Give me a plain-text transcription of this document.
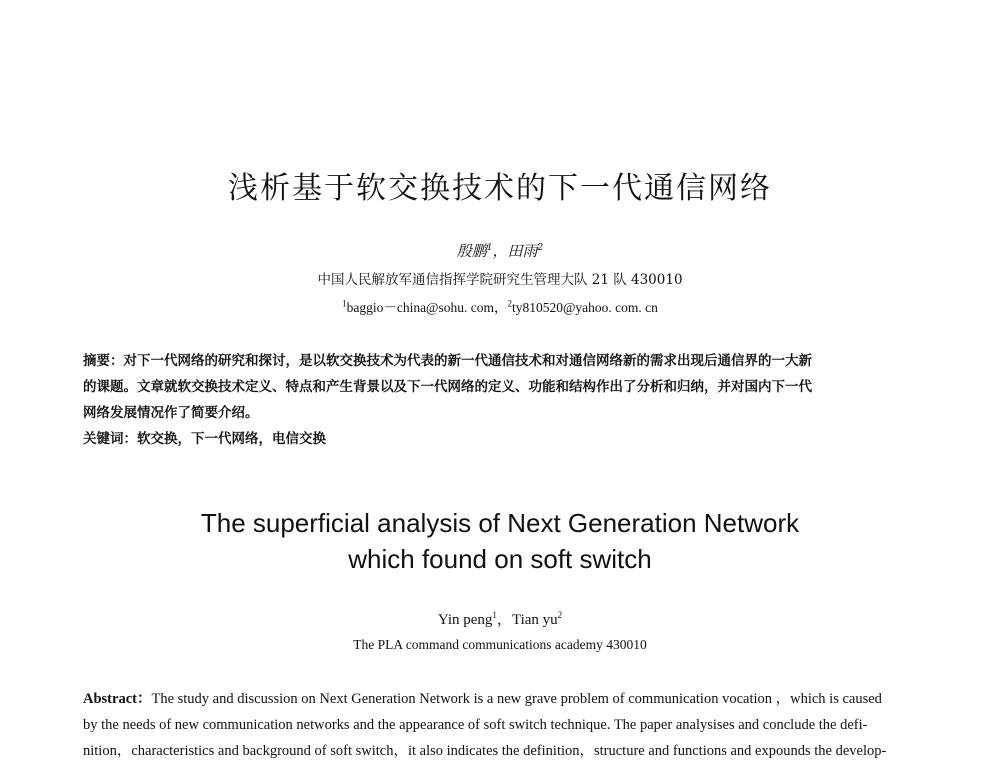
浅析基于软交换技术的下一代通信网络
殷鹏$^1$，田雨$^2$
中国人民解放军通信指挥学院研究生管理大队 21 队 430010
$^1$baggio－china@sohu. com，$^2$ty810520@yahoo. com. cn

摘要：对下一代网络的研究和探讨，是以软交换技术为代表的新一代通信技术和对通信网络新的需求出现后通信界的一大新

的课题。文章就软交换技术定义、特点和产生背景以及下一代网络的定义、功能和结构作出了分析和归纳，并对国内下一代

网络发展情况作了简要介绍。

关键词：软交换，下一代网络，电信交换

The superficial analysis of Next Generation Network
which found on soft switch
Yin peng$^1$，Tian $yu^2$
The PLA command communications academy 430010
Abstract：The study and discussion on Next Generation Network is a new grave problem of communication vocation ，which is caused
by the needs of new communication networks and the appearance of soft switch technique. The paper analysises and conclude the defi-
nition，characteristics and background of soft switch，it also indicates the definition，structure and functions and expounds the develop-
